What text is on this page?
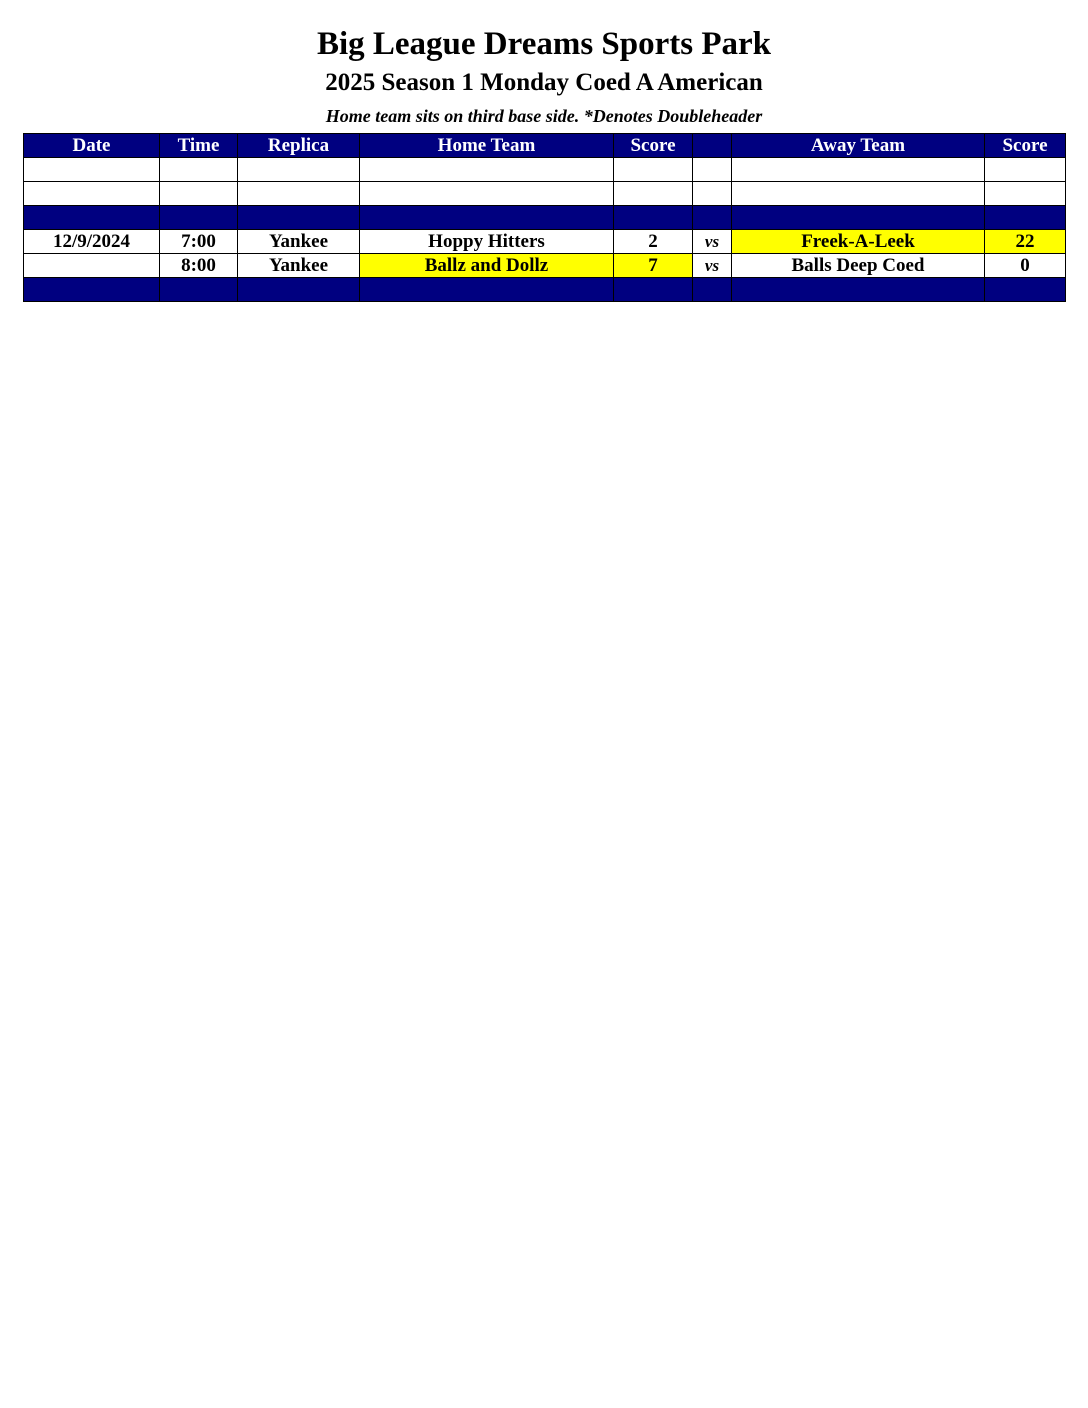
Big League Dreams Sports Park
2025 Season 1 Monday Coed A American
Home team sits on third base side. *Denotes Doubleheader
Date	Time	Replica	Home Team	Score		Away Team	Score

12/9/2024	7:00	Yankee	Hoppy Hitters	2	vs	Freek-A-Leek	22
	8:00	Yankee	Ballz and Dollz	7	vs	Balls Deep Coed	0
